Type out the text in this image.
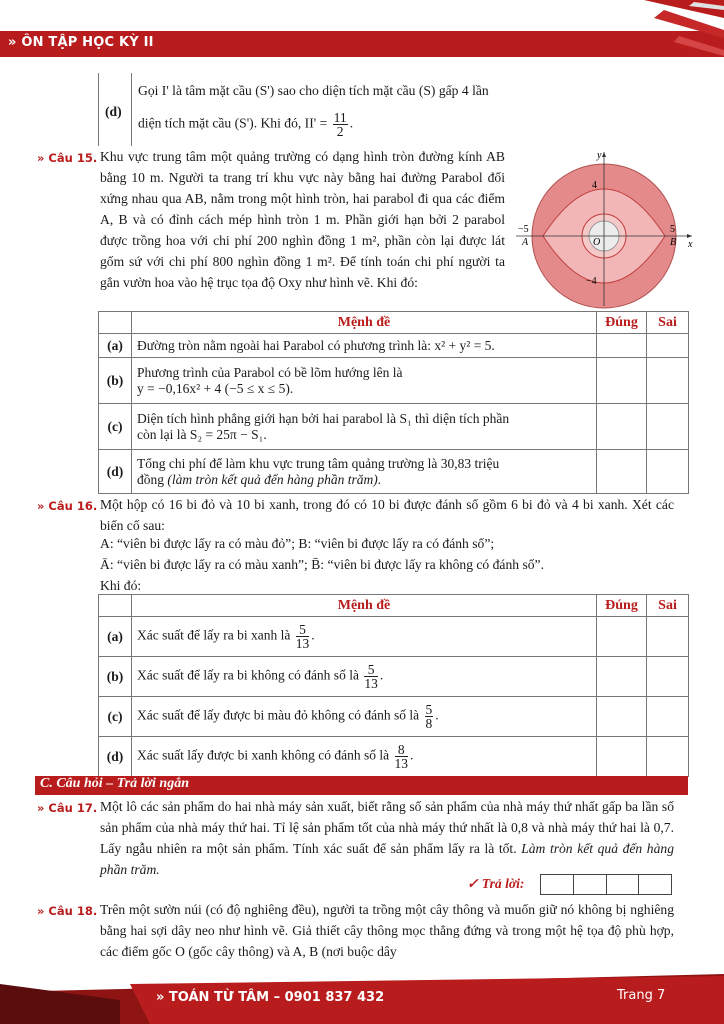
» ÔN TẬP HỌC KỲ II
(d)
Gọi I' là tâm mặt cầu (S') sao cho diện tích mặt cầu (S) gấp 4 lần
diện tích mặt cầu (S'). Khi đó, $II' = \frac{11}{2}$ .
» Câu 15. Khu vực trung tâm một quảng trường có dạng hình tròn đường kính AB bằng 10 m. Người ta trang trí khu vực này bằng hai đường Parabol đối xứng nhau qua AB, nằm trong một hình tròn, hai parabol đi qua các điểm A, B và có đỉnh cách mép hình tròn 1 m. Phần giới hạn bởi 2 parabol được trồng hoa với chi phí 200 nghìn đồng 1 m², phần còn lại được lát gốm sứ với chi phí 800 nghìn đồng 1 m². Để tính toán chi phí người ta gắn vườn hoa vào hệ trục tọa độ Oxy như hình vẽ. Khi đó:
y
x
4
−4
−5	5
A	B
O
	Mệnh đề	Đúng	Sai
(a)	Đường tròn nằm ngoài hai Parabol có phương trình là: x² + y² = 5.		
(b)	Phương trình của Parabol có bề lõm hướng lên là
y = −0,16x² + 4 (−5 ≤ x ≤ 5).		

(c)	Diện tích hình phẳng giới hạn bởi hai parabol là S₁ thì diện tích phần
còn lại là S₂ = 25π − S₁.		

(d)	Tổng chi phí để làm khu vực trung tâm quảng trường là 30,83 triệu
đồng (làm tròn kết quả đến hàng phần trăm).		

» Câu 16. Một hộp có 16 bi đỏ và 10 bi xanh, trong đó có 10 bi được đánh số gồm 6 bi đỏ và 4 bi xanh. Xét các biến cố sau:
A: “viên bi được lấy ra có màu đỏ”; B: “viên bi được lấy ra có đánh số”;
Ā: “viên bi được lấy ra có màu xanh”; B̄: “viên bi được lấy ra không có đánh số”.
Khi đó:
	Mệnh đề	Đúng	Sai
(a)	Xác suất để lấy ra bi xanh là $\frac{5}{13}$ .		
(b)	Xác suất để lấy ra bi không có đánh số là $\frac{5}{13}$ .		
(c)	Xác suất để lấy được bi màu đỏ không có đánh số là $\frac{5}{8}$ .		
(d)	Xác suất lấy được bi xanh không có đánh số là $\frac{8}{13}$ .		
C. Câu hỏi – Trả lời ngắn
» Câu 17. Một lô các sản phẩm do hai nhà máy sản xuất, biết rằng số sản phẩm của nhà máy thứ nhất gấp ba lần số sản phẩm của nhà máy thứ hai. Tỉ lệ sản phẩm tốt của nhà máy thứ nhất là 0,8 và nhà máy thứ hai là 0,7. Lấy ngẫu nhiên ra một sản phẩm. Tính xác suất để sản phẩm lấy ra là tốt. Làm tròn kết quả đến hàng phần trăm.
✓ Trả lời:
» Câu 18. Trên một sườn núi (có độ nghiêng đều), người ta trồng một cây thông và muốn giữ nó không bị nghiêng bằng hai sợi dây neo như hình vẽ. Giả thiết cây thông mọc thẳng đứng và trong một hệ tọa độ phù hợp, các điểm gốc O (gốc cây thông) và A, B (nơi buộc dây
» TOÁN TỪ TÂM – 0901 837 432	Trang 7
